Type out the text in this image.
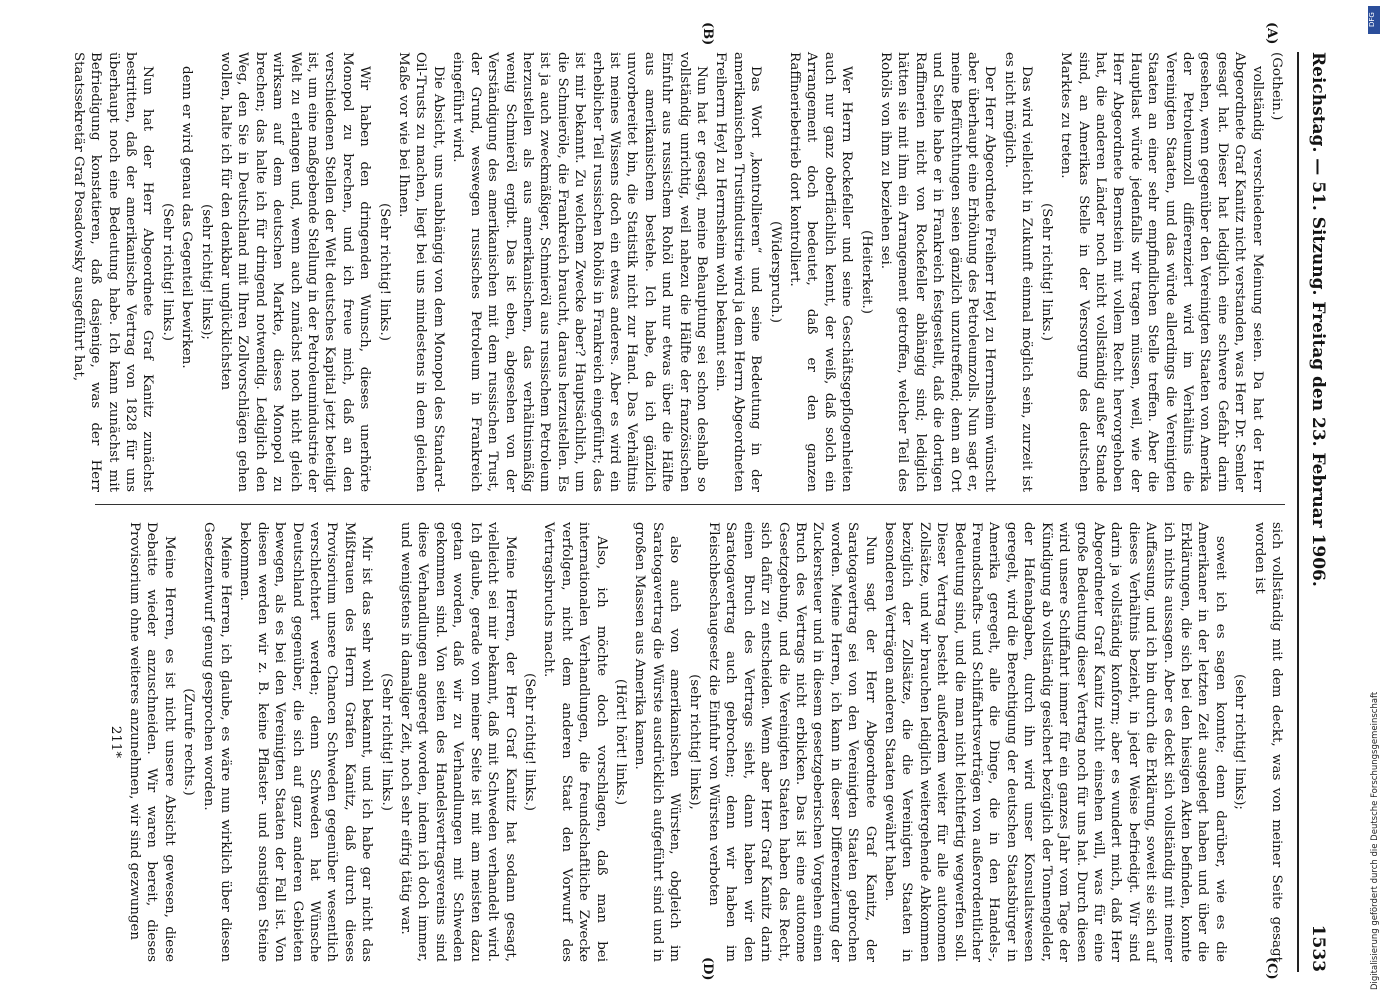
Reichstag. — 51. Sitzung. Freitag den 23. Februar 1906.
1533

(Gothein.)

vollständig verschiedener Meinung seien. Da hat der Herr Abgeordnete Graf Kanitz nicht verstanden, was Herr Dr. Semler gesagt hat. Dieser hat lediglich eine schwere Gefahr darin gesehen, wenn gegenüber den Vereinigten Staaten von Amerika der Petroleumzoll differenziert wird im Verhältnis die Vereinigten Staaten, und das würde allerdings die Vereinigten Staaten an einer sehr empfindlichen Stelle treffen. Aber die Hauptlast würde jedenfalls wir tragen müssen, weil, wie der Herr Abgeordnete Bernstein mit vollem Recht hervorgehoben hat, die anderen Länder noch nicht vollständig außer Stande sind, an Amerikas Stelle in der Versorgung des deutschen Marktes zu treten.

(Sehr richtig! links.)

Das wird vielleicht in Zukunft einmal möglich sein, zurzeit ist es nicht möglich.

Der Herr Abgeordnete Freiherr Heyl zu Herrnsheim wünscht aber überhaupt eine Erhöhung des Petroleumzolls. Nun sagt er, meine Befürchtungen seien gänzlich unzutreffend; denn an Ort und Stelle habe er in Frankreich festgestellt, daß die dortigen Raffinerien nicht von Rockefeller abhängig sind; lediglich hätten sie mit ihm ein Arrangement getroffen, welcher Teil des Rohöls von ihm zu beziehen sei.

(Heiterkeit.)

Wer Herrn Rockefeller und seine Geschäftsgepflogenheiten auch nur ganz oberflächlich kennt, der weiß, daß solch ein Arrangement doch bedeutet, daß er den ganzen Raffineriebetrieb dort kontrolliert.

(Widerspruch.)

Das Wort „kontrollieren“ und seine Bedeutung in der amerikanischen Trustindustrie wird ja dem Herrn Abgeordneten Freiherrn Heyl zu Herrnsheim wohl bekannt sein.

Nun hat er gesagt, meine Behauptung sei schon deshalb so vollständig unrichtig, weil nahezu die Hälfte der französischen Einfuhr aus russischem Rohöl und nur etwas über die Hälfte aus amerikanischem bestehe. Ich habe, da ich gänzlich unvorbereitet bin, die Statistik nicht zur Hand. Das Verhältnis ist meines Wissens doch ein etwas anderes. Aber es wird ein erheblicher Teil russischen Rohöls in Frankreich eingeführt; das ist mir bekannt. Zu welchem Zwecke aber? Hauptsächlich, um die Schmieröle, die Frankreich braucht, daraus herzustellen. Es ist ja auch zweckmäßiger, Schmieröl aus russischem Petroleum herzustellen als aus amerikanischem, das verhältnismäßig wenig Schmieröl ergibt. Das ist eben, abgesehen von der Verständigung des amerikanischen mit dem russischen Trust, der Grund, weswegen russisches Petroleum in Frankreich eingeführt wird.

Die Absicht, uns unabhängig von dem Monopol des Standard-Oil-Trusts zu machen, liegt bei uns mindestens in dem gleichen Maße vor wie bei Ihnen.

(Sehr richtig! links.)

Wir haben den dringenden Wunsch, dieses unerhörte Monopol zu brechen, und ich freue mich, daß an den verschiedenen Stellen der Welt deutsches Kapital jetzt beteiligt ist, um eine maßgebende Stellung in der Petroleumindustrie der Welt zu erlangen und, wenn auch zunächst noch nicht gleich wirksam auf dem deutschen Markte, dieses Monopol zu brechen; das halte ich für dringend notwendig. Lediglich den Weg, den Sie in Deutschland mit Ihren Zollvorschlägen gehen wollen, halte ich für den denkbar unglücklichsten

(sehr richtig! links);

denn er wird genau das Gegenteil bewirken.

(Sehr richtig! links.)

Nun hat der Herr Abgeordnete Graf Kanitz zunächst bestritten, daß der amerikanische Vertrag von 1828 für uns überhaupt noch eine Bedeutung habe. Ich kann zunächst mit Befriedigung konstatieren, daß dasjenige, was der Herr Staatssekretär Graf Posadowsky ausgeführt hat,

sich vollständig mit dem deckt, was von meiner Seite gesagt worden ist

(sehr richtig! links);

soweit ich es sagen konnte; denn darüber, wie es die Amerikaner in der letzten Zeit ausgelegt haben und über die Erklärungen, die sich bei den hiesigen Akten befinden, konnte ich nichts aussagen. Aber es deckt sich vollständig mit meiner Auffassung, und ich bin durch die Erklärung, soweit sie sich auf dieses Verhältnis bezieht, in jeder Weise befriedigt. Wir sind darin ja vollständig konform; aber es wundert mich, daß Herr Abgeordneter Graf Kanitz nicht einsehen will, was für eine große Bedeutung dieser Vertrag noch für uns hat. Durch diesen wird unsere Schiffahrt immer für ein ganzes Jahr vom Tage der Kündigung ab vollständig gesichert bezüglich der Tonnengelder, der Hafenabgaben, durch ihn wird unser Konsulatswesen geregelt, wird die Berechtigung der deutschen Staatsbürger in Amerika geregelt, alle die Dinge, die in den Handels-, Freundschafts- und Schiffahrtsverträgen von außerordentlicher Bedeutung sind, und die man nicht leichtfertig wegwerfen soll. Dieser Vertrag besteht außerdem weiter für alle autonomen Zollsätze, und wir brauchen lediglich weitergehende Abkommen bezüglich der Zollsätze, die die Vereinigten Staaten in besonderen Verträgen anderen Staaten gewährt haben.

Nun sagt der Herr Abgeordnete Graf Kanitz, der Saratogavertrag sei von den Vereinigten Staaten gebrochen worden. Meine Herren, ich kann in dieser Differenzierung der Zuckersteuer und in diesem gesetzgeberischen Vorgehen einen Bruch des Vertrags nicht erblicken. Das ist eine autonome Gesetzgebung, und die Vereinigten Staaten haben das Recht, sich dafür zu entscheiden. Wenn aber Herr Graf Kanitz darin einen Bruch des Vertrags sieht, dann haben wir den Saratogavertrag auch gebrochen; denn wir haben im Fleischbeschaugesetz die Einfuhr von Würsten verboten

(sehr richtig! links),

also auch von amerikanischen Würsten, obgleich im Saratogavertrag die Würste ausdrücklich aufgeführt sind und in großen Massen aus Amerika kamen.

(Hört! hört! links.)

Also, ich möchte doch vorschlagen, daß man bei internationalen Verhandlungen, die freundschaftliche Zwecke verfolgen, nicht dem anderen Staat den Vorwurf des Vertragsbruchs macht.

(Sehr richtig! links.)

Meine Herren, der Herr Graf Kanitz hat sodann gesagt, vielleicht sei mir bekannt, daß mit Schweden verhandelt wird. Ich glaube, gerade von meiner Seite ist mit am meisten dazu getan worden, daß wir zu Verhandlungen mit Schweden gekommen sind. Von seiten des Handelsvertragsvereins sind diese Verhandlungen angeregt worden, indem ich doch immer, und wenigstens in damaliger Zeit, noch sehr eifrig tätig war.

(Sehr richtig! links.)

Mir ist das sehr wohl bekannt, und ich habe gar nicht das Mißtrauen des Herrn Grafen Kanitz, daß durch dieses Provisorium unsere Chancen Schweden gegenüber wesentlich verschlechtert werden; denn Schweden hat Wünsche Deutschland gegenüber, die sich auf ganz anderen Gebieten bewegen, als es bei den Vereinigten Staaten der Fall ist. Von diesen werden wir z. B. keine Pflaster- und sonstigen Steine bekommen.

Meine Herren, ich glaube, es wäre nun wirklich über diesen Gesetzentwurf genug gesprochen worden.

(Zurufe rechts.)

Meine Herren, es ist nicht unsere Absicht gewesen, diese Debatte wieder anzuschneiden. Wir waren bereit, dieses Provisorium ohne weiteres anzunehmen, wir sind gezwungen

211*

(A)
(B)
(C)
(D)
DFG
Digitalisierung gefördert durch die Deutsche Forschungsgemeinschaft
